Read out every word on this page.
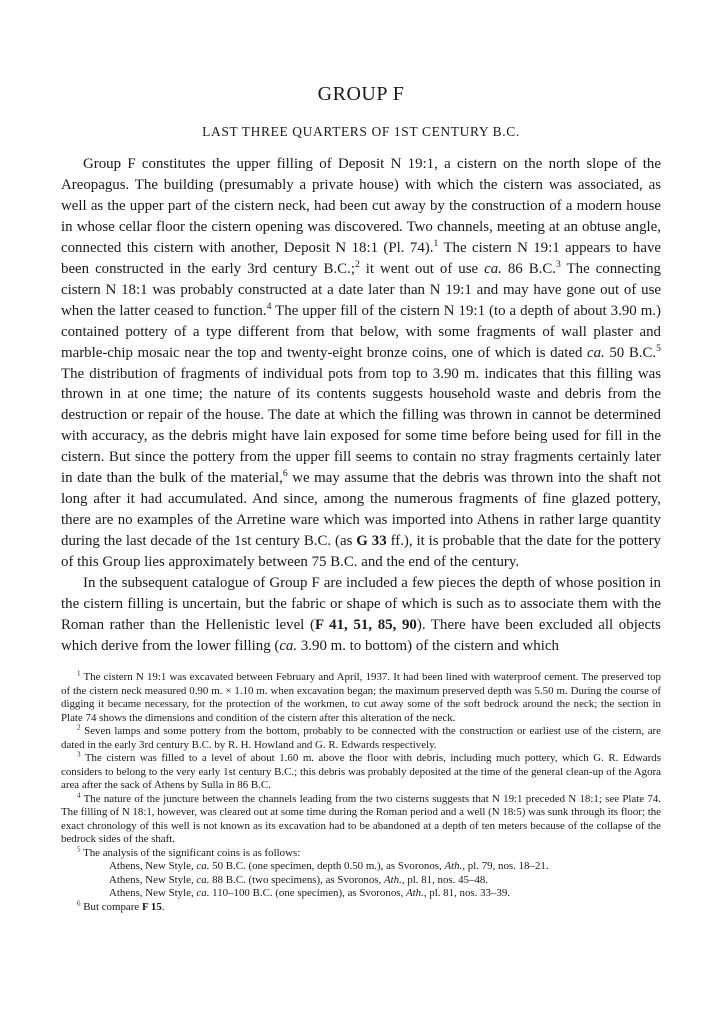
GROUP F
LAST THREE QUARTERS OF 1ST CENTURY B.C.

Group F constitutes the upper filling of Deposit N 19:1, a cistern on the north slope of the Areopagus. The building (presumably a private house) with which the cistern was associated, as well as the upper part of the cistern neck, had been cut away by the construction of a modern house in whose cellar floor the cistern opening was discovered. Two channels, meeting at an obtuse angle, connected this cistern with another, Deposit N 18:1 (Pl. 74).$^1$ The cistern N 19:1 appears to have been constructed in the early 3rd century B.C.;$^2$ it went out of use ca. 86 B.C.$^3$ The connecting cistern N 18:1 was probably constructed at a date later than N 19:1 and may have gone out of use when the latter ceased to function.$^4$ The upper fill of the cistern N 19:1 (to a depth of about 3.90 m.) contained pottery of a type different from that below, with some fragments of wall plaster and marble-chip mosaic near the top and twenty-eight bronze coins, one of which is dated ca. 50 B.C.$^5$ The distribution of fragments of individual pots from top to 3.90 m. indicates that this filling was thrown in at one time; the nature of its contents suggests household waste and debris from the destruction or repair of the house. The date at which the filling was thrown in cannot be determined with accuracy, as the debris might have lain exposed for some time before being used for fill in the cistern. But since the pottery from the upper fill seems to contain no stray fragments certainly later in date than the bulk of the material,$^6$ we may assume that the debris was thrown into the shaft not long after it had accumulated. And since, among the numerous fragments of fine glazed pottery, there are no examples of the Arretine ware which was imported into Athens in rather large quantity during the last decade of the 1st century B.C. (as G 33 ff.), it is probable that the date for the pottery of this Group lies approximately between 75 B.C. and the end of the century.

In the subsequent catalogue of Group F are included a few pieces the depth of whose position in the cistern filling is uncertain, but the fabric or shape of which is such as to associate them with the Roman rather than the Hellenistic level (F 41, 51, 85, 90). There have been excluded all objects which derive from the lower filling (ca. 3.90 m. to bottom) of the cistern and which

$^1$ The cistern N 19:1 was excavated between February and April, 1937. It had been lined with waterproof cement. The preserved top of the cistern neck measured 0.90 m. × 1.10 m. when excavation began; the maximum preserved depth was 5.50 m. During the course of digging it became necessary, for the protection of the workmen, to cut away some of the soft bedrock around the neck; the section in Plate 74 shows the dimensions and condition of the cistern after this alteration of the neck.

$^2$ Seven lamps and some pottery from the bottom, probably to be connected with the construction or earliest use of the cistern, are dated in the early 3rd century B.C. by R. H. Howland and G. R. Edwards respectively.

$^3$ The cistern was filled to a level of about 1.60 m. above the floor with debris, including much pottery, which G. R. Edwards considers to belong to the very early 1st century B.C.; this debris was probably deposited at the time of the general clean-up of the Agora area after the sack of Athens by Sulla in 86 B.C.

$^4$ The nature of the juncture between the channels leading from the two cisterns suggests that N 19:1 preceded N 18:1; see Plate 74. The filling of N 18:1, however, was cleared out at some time during the Roman period and a well (N 18:5) was sunk through its floor; the exact chronology of this well is not known as its excavation had to be abandoned at a depth of ten meters because of the collapse of the bedrock sides of the shaft.

$^5$ The analysis of the significant coins is as follows:

Athens, New Style, ca. 50 B.C. (one specimen, depth 0.50 m.), as Svoronos, Ath., pl. 79, nos. 18–21.

Athens, New Style, ca. 88 B.C. (two specimens), as Svoronos, Ath., pl. 81, nos. 45–48.

Athens, New Style, ca. 110–100 B.C. (one specimen), as Svoronos, Ath., pl. 81, nos. 33–39.

$^6$ But compare F 15.
